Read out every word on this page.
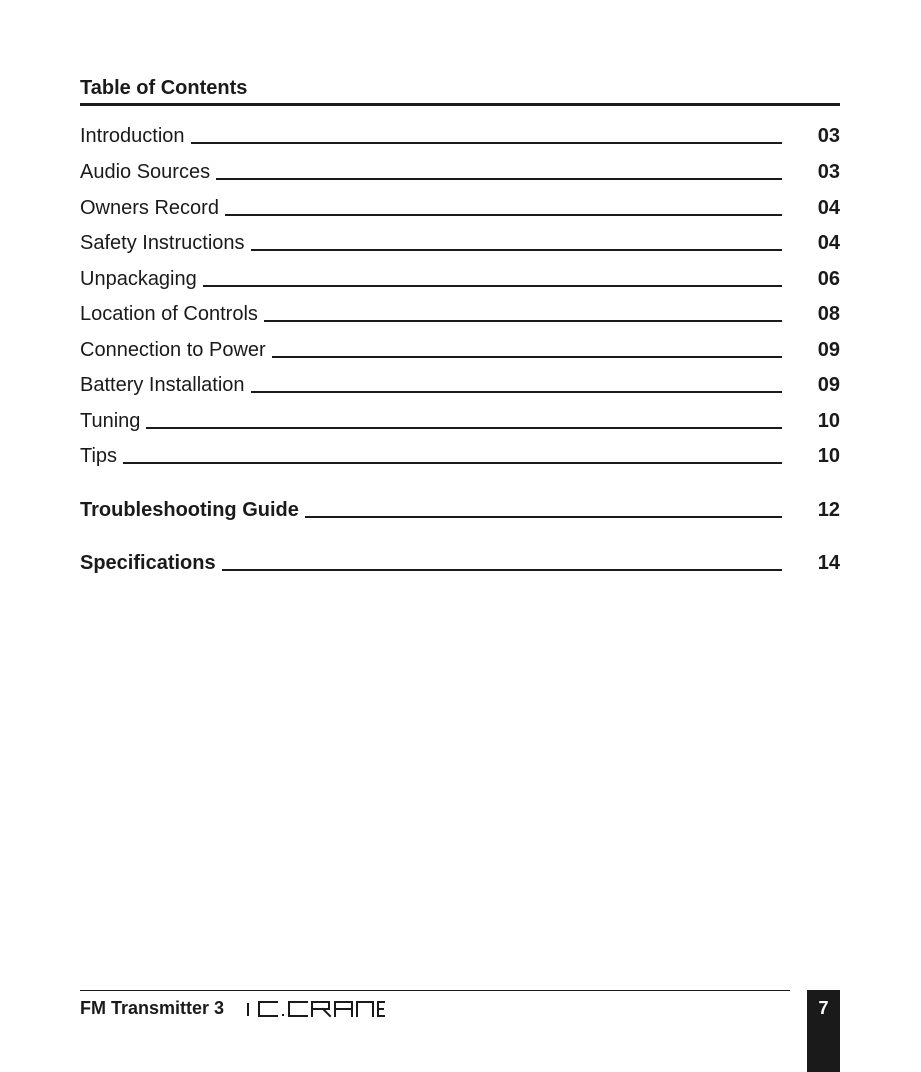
Table of Contents
Introduction	03
Audio Sources	03
Owners Record	04
Safety Instructions	04
Unpackaging	06
Location of Controls	08
Connection to Power	09
Battery Installation	09
Tuning	10
Tips	10
Troubleshooting Guide	12
Specifications	14
FM Transmitter 3	7
